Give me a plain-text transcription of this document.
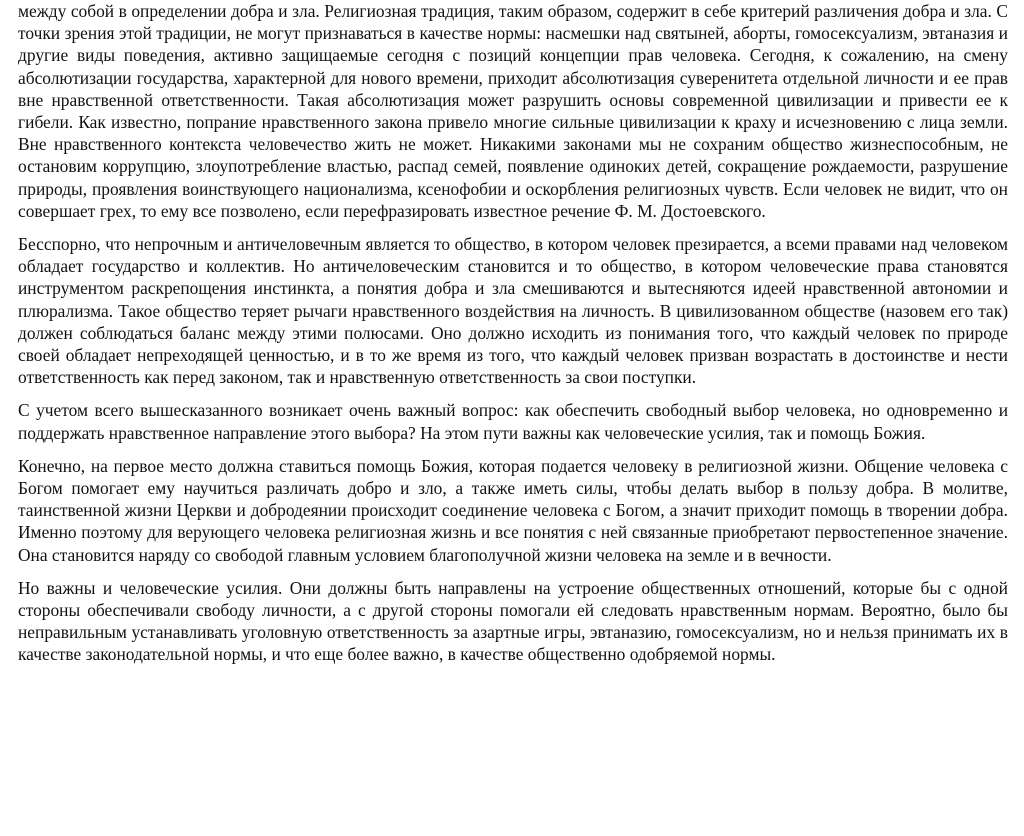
между собой в определении добра и зла. Религиозная традиция, таким образом, содержит в себе критерий различения добра и зла. С точки зрения этой традиции, не могут признаваться в качестве нормы: насмешки над святыней, аборты, гомосексуализм, эвтаназия и другие виды поведения, активно защищаемые сегодня с позиций концепции прав человека. Сегодня, к сожалению, на смену абсолютизации государства, характерной для нового времени, приходит абсолютизация суверенитета отдельной личности и ее прав вне нравственной ответственности. Такая абсолютизация может разрушить основы современной цивилизации и привести ее к гибели. Как известно, попрание нравственного закона привело многие сильные цивилизации к краху и исчезновению с лица земли. Вне нравственного контекста человечество жить не может. Никакими законами мы не сохраним общество жизнеспособным, не остановим коррупцию, злоупотребление властью, распад семей, появление одиноких детей, сокращение рождаемости, разрушение природы, проявления воинствующего национализма, ксенофобии и оскорбления религиозных чувств. Если человек не видит, что он совершает грех, то ему все позволено, если перефразировать известное речение Ф. М. Достоевского.

Бесспорно, что непрочным и античеловечным является то общество, в котором человек презирается, а всеми правами над человеком обладает государство и коллектив. Но античеловеческим становится и то общество, в котором человеческие права становятся инструментом раскрепощения инстинкта, а понятия добра и зла смешиваются и вытесняются идеей нравственной автономии и плюрализма. Такое общество теряет рычаги нравственного воздействия на личность. В цивилизованном обществе (назовем его так) должен соблюдаться баланс между этими полюсами. Оно должно исходить из понимания того, что каждый человек по природе своей обладает непреходящей ценностью, и в то же время из того, что каждый человек призван возрастать в достоинстве и нести ответственность как перед законом, так и нравственную ответственность за свои поступки.

С учетом всего вышесказанного возникает очень важный вопрос: как обеспечить свободный выбор человека, но одновременно и поддержать нравственное направление этого выбора? На этом пути важны как человеческие усилия, так и помощь Божия.

Конечно, на первое место должна ставиться помощь Божия, которая подается человеку в религиозной жизни. Общение человека с Богом помогает ему научиться различать добро и зло, а также иметь силы, чтобы делать выбор в пользу добра. В молитве, таинственной жизни Церкви и добродеянии происходит соединение человека с Богом, а значит приходит помощь в творении добра. Именно поэтому для верующего человека религиозная жизнь и все понятия с ней связанные приобретают первостепенное значение. Она становится наряду со свободой главным условием благополучной жизни человека на земле и в вечности.

Но важны и человеческие усилия. Они должны быть направлены на устроение общественных отношений, которые бы с одной стороны обеспечивали свободу личности, а с другой стороны помогали ей следовать нравственным нормам. Вероятно, было бы неправильным устанавливать уголовную ответственность за азартные игры, эвтаназию, гомосексуализм, но и нельзя принимать их в качестве законодательной нормы, и что еще более важно, в качестве общественно одобряемой нормы.
